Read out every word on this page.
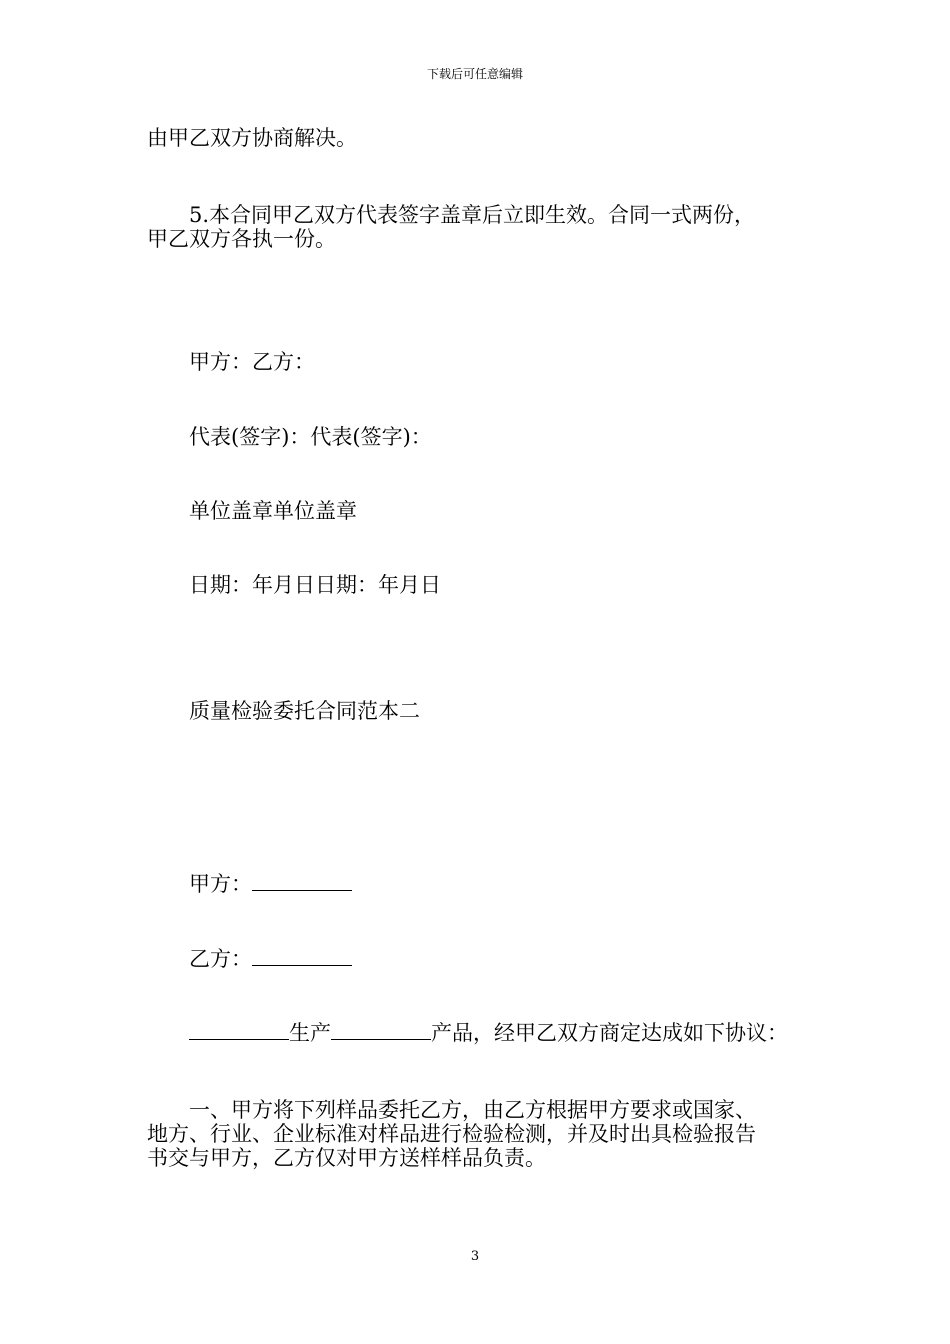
下载后可任意编辑
由甲乙双方协商解决。
5.本合同甲乙双方代表签字盖章后立即生效。合同一式两份，
甲乙双方各执一份。
甲方：乙方：
代表(签字)：代表(签字)：
单位盖章单位盖章
日期：年月日日期：年月日
质量检验委托合同范本二
甲方：
乙方：
生产	产品，经甲乙双方商定达成如下协议：
一、甲方将下列样品委托乙方，由乙方根据甲方要求或国家、
地方、行业、企业标准对样品进行检验检测，并及时出具检验报告
书交与甲方，乙方仅对甲方送样样品负责。
3
